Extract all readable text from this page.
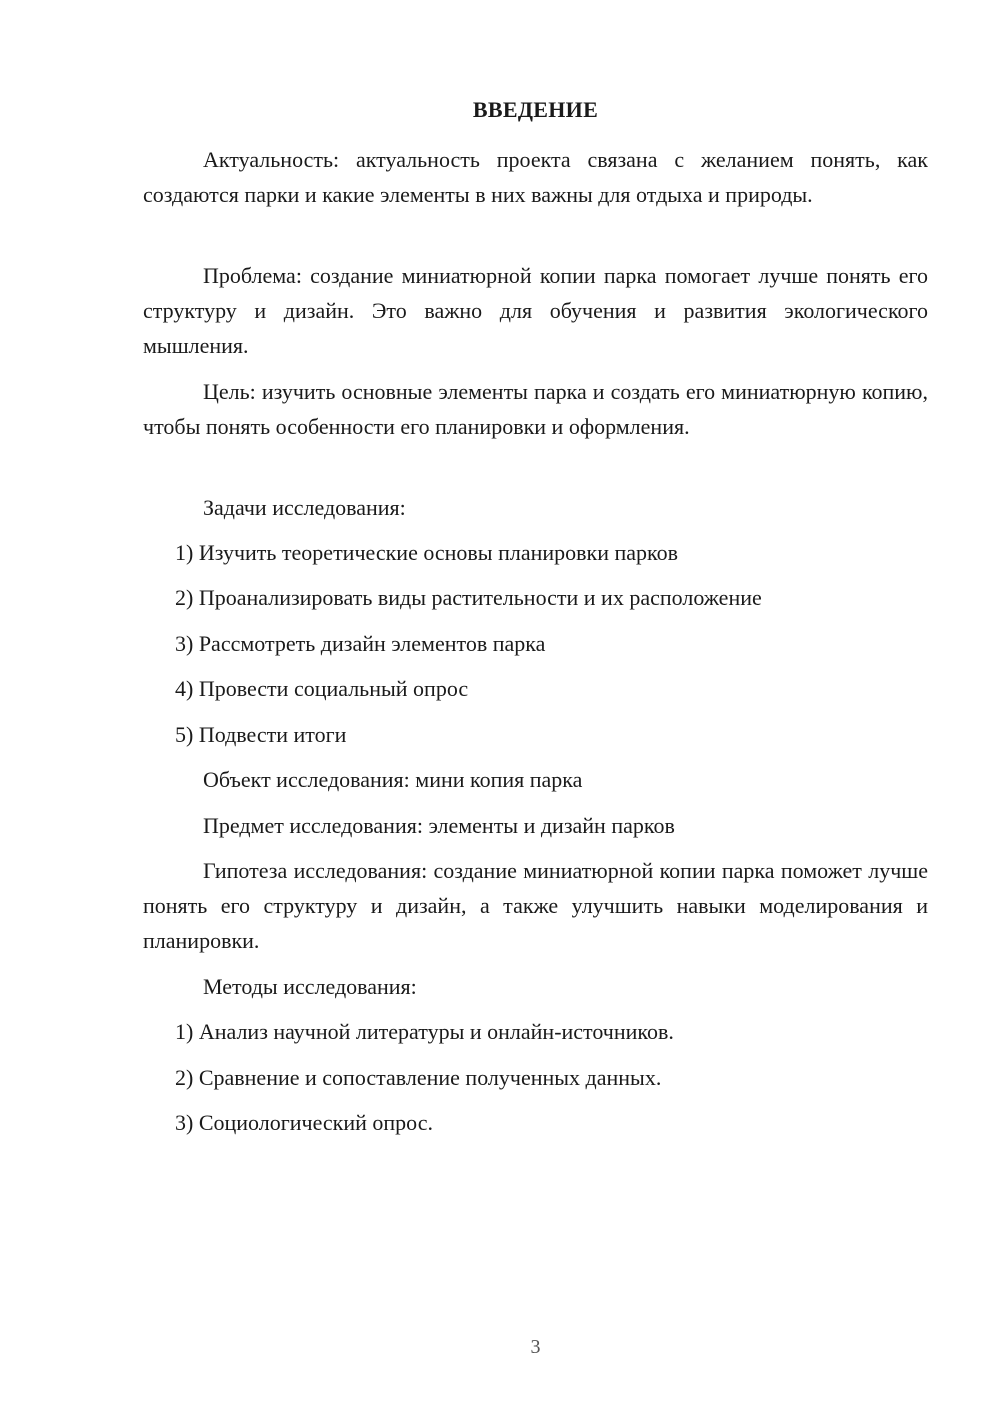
ВВЕДЕНИЕ

Актуальность: актуальность проекта связана с желанием понять, как создаются парки и какие элементы в них важны для отдыха и природы.

Проблема: создание миниатюрной копии парка помогает лучше понять его структуру и дизайн. Это важно для обучения и развития экологического мышления.

Цель: изучить основные элементы парка и создать его миниатюрную копию, чтобы понять особенности его планировки и оформления.

Задачи исследования:

1) Изучить теоретические основы планировки парков

2) Проанализировать виды растительности и их расположение

3) Рассмотреть дизайн элементов парка

4) Провести социальный опрос

5) Подвести итоги

Объект исследования: мини копия парка

Предмет исследования: элементы и дизайн парков

Гипотеза исследования: создание миниатюрной копии парка поможет лучше понять его структуру и дизайн, а также улучшить навыки моделирования и планировки.

Методы исследования:

1) Анализ научной литературы и онлайн-источников.

2) Сравнение и сопоставление полученных данных.

3) Социологический опрос.

3
